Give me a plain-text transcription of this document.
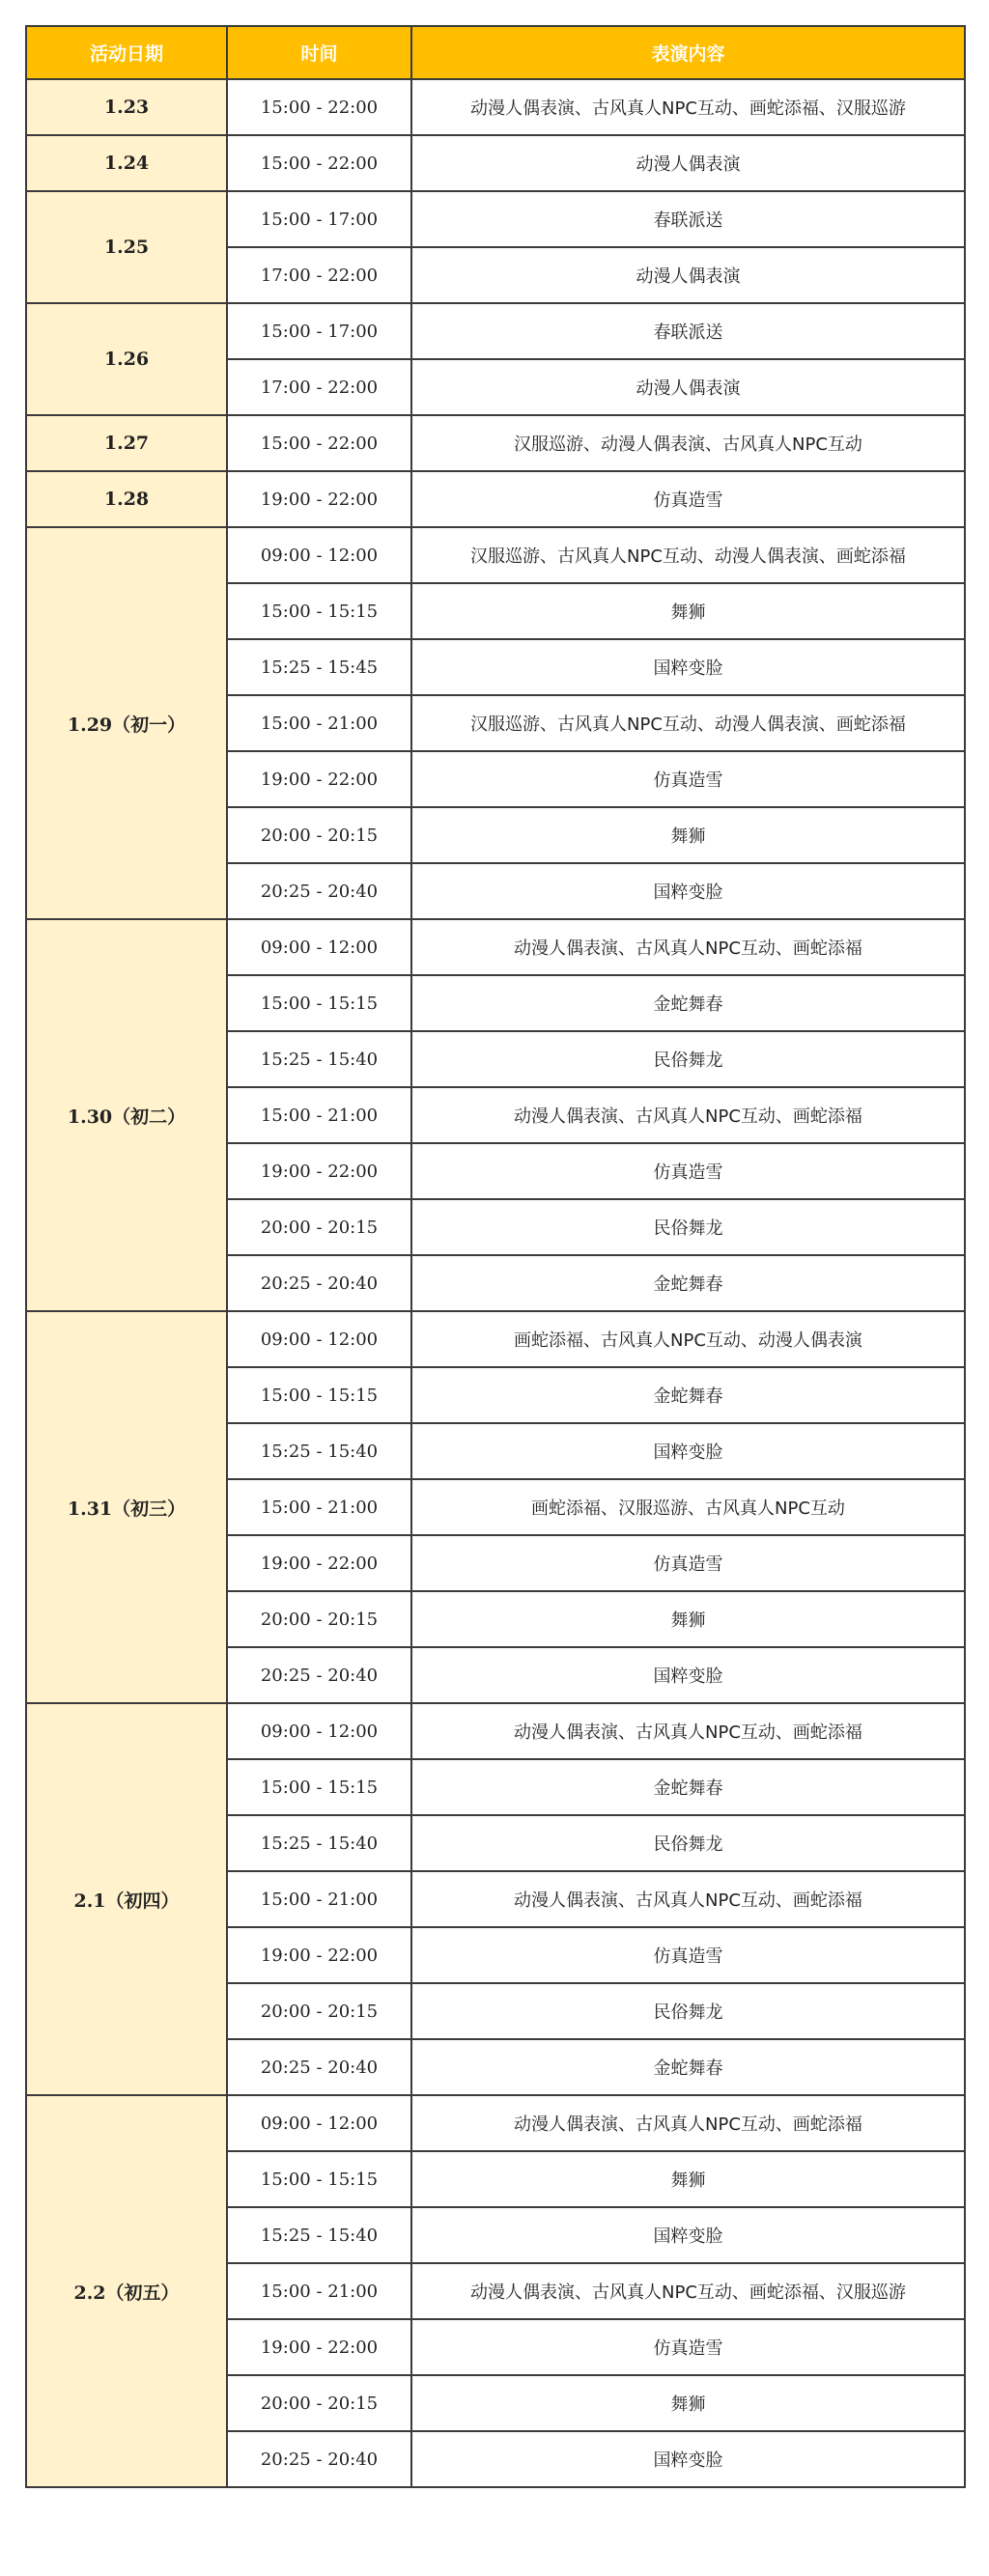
活动日期	时间	表演内容
1.23	15:00 - 22:00	动漫人偶表演、古风真人NPC互动、画蛇添福、汉服巡游
1.24	15:00 - 22:00	动漫人偶表演
1.25	15:00 - 17:00	春联派送
	17:00 - 22:00	动漫人偶表演
1.26	15:00 - 17:00	春联派送
	17:00 - 22:00	动漫人偶表演
1.27	15:00 - 22:00	汉服巡游、动漫人偶表演、古风真人NPC互动
1.28	19:00 - 22:00	仿真造雪
1.29（初一）	09:00 - 12:00	汉服巡游、古风真人NPC互动、动漫人偶表演、画蛇添福
	15:00 - 15:15	舞狮
	15:25 - 15:45	国粹变脸
	15:00 - 21:00	汉服巡游、古风真人NPC互动、动漫人偶表演、画蛇添福
	19:00 - 22:00	仿真造雪
	20:00 - 20:15	舞狮
	20:25 - 20:40	国粹变脸
1.30（初二）	09:00 - 12:00	动漫人偶表演、古风真人NPC互动、画蛇添福
	15:00 - 15:15	金蛇舞春
	15:25 - 15:40	民俗舞龙
	15:00 - 21:00	动漫人偶表演、古风真人NPC互动、画蛇添福
	19:00 - 22:00	仿真造雪
	20:00 - 20:15	民俗舞龙
	20:25 - 20:40	金蛇舞春
1.31（初三）	09:00 - 12:00	画蛇添福、古风真人NPC互动、动漫人偶表演
	15:00 - 15:15	金蛇舞春
	15:25 - 15:40	国粹变脸
	15:00 - 21:00	画蛇添福、汉服巡游、古风真人NPC互动
	19:00 - 22:00	仿真造雪
	20:00 - 20:15	舞狮
	20:25 - 20:40	国粹变脸
2.1（初四）	09:00 - 12:00	动漫人偶表演、古风真人NPC互动、画蛇添福
	15:00 - 15:15	金蛇舞春
	15:25 - 15:40	民俗舞龙
	15:00 - 21:00	动漫人偶表演、古风真人NPC互动、画蛇添福
	19:00 - 22:00	仿真造雪
	20:00 - 20:15	民俗舞龙
	20:25 - 20:40	金蛇舞春
2.2（初五）	09:00 - 12:00	动漫人偶表演、古风真人NPC互动、画蛇添福
	15:00 - 15:15	舞狮
	15:25 - 15:40	国粹变脸
	15:00 - 21:00	动漫人偶表演、古风真人NPC互动、画蛇添福、汉服巡游
	19:00 - 22:00	仿真造雪
	20:00 - 20:15	舞狮
	20:25 - 20:40	国粹变脸
